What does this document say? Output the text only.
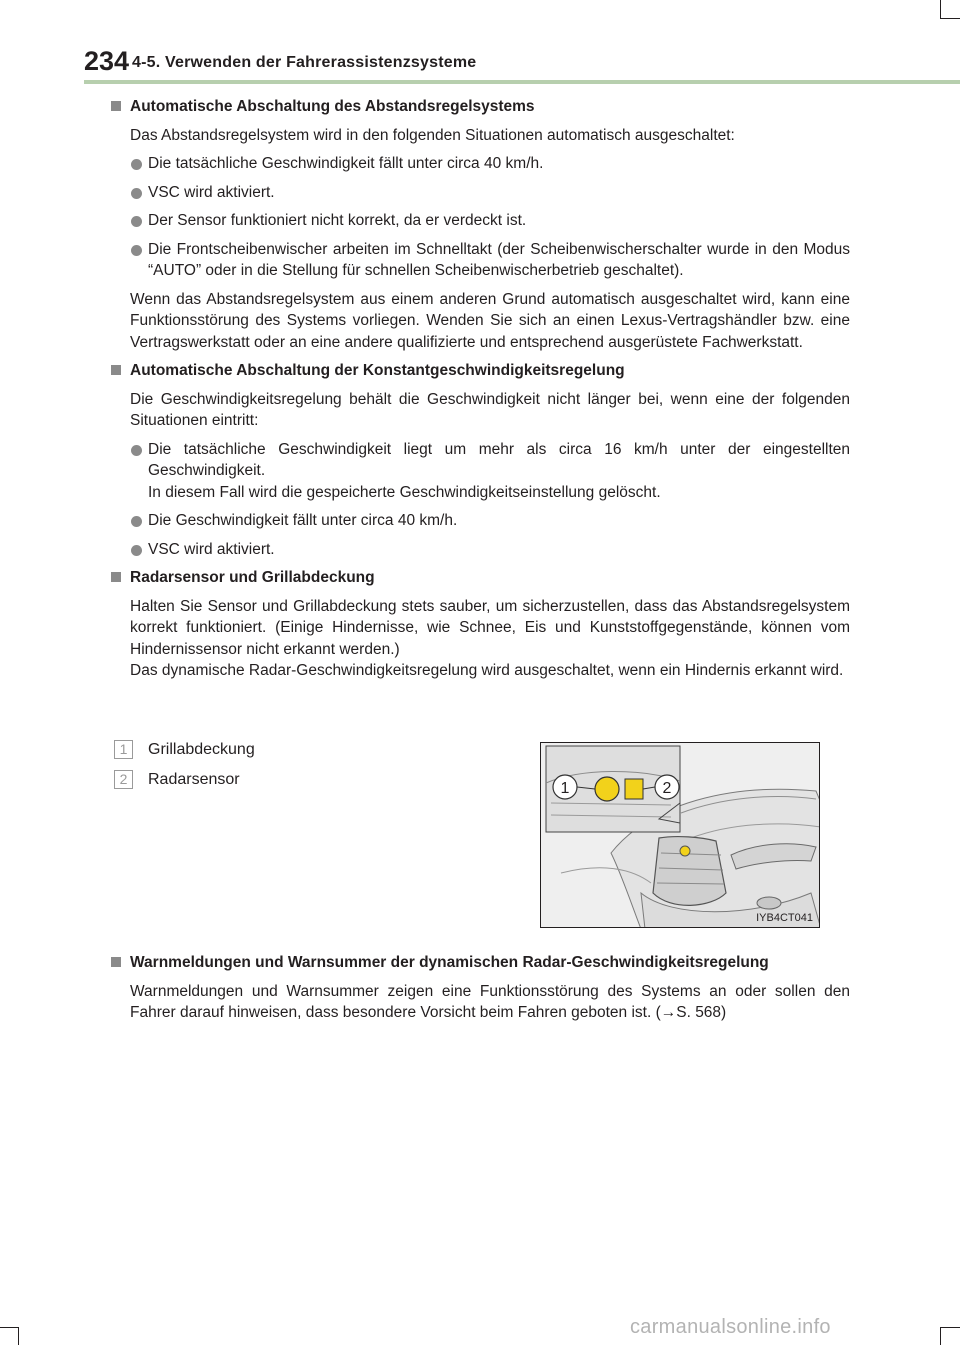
234 4-5. Verwenden der Fahrerassistenzsysteme
Automatische Abschaltung des Abstandsregelsystems
Das Abstandsregelsystem wird in den folgenden Situationen automatisch ausgeschaltet:
Die tatsächliche Geschwindigkeit fällt unter circa 40 km/h.
VSC wird aktiviert.
Der Sensor funktioniert nicht korrekt, da er verdeckt ist.
Die Frontscheibenwischer arbeiten im Schnelltakt (der Scheibenwischerschalter wurde in den Modus “AUTO” oder in die Stellung für schnellen Scheibenwischerbetrieb geschaltet).
Wenn das Abstandsregelsystem aus einem anderen Grund automatisch ausgeschaltet wird, kann eine Funktionsstörung des Systems vorliegen. Wenden Sie sich an einen Lexus-Vertragshändler bzw. eine Vertragswerkstatt oder an eine andere qualifizierte und entsprechend ausgerüstete Fachwerkstatt.
Automatische Abschaltung der Konstantgeschwindigkeitsregelung
Die Geschwindigkeitsregelung behält die Geschwindigkeit nicht länger bei, wenn eine der folgenden Situationen eintritt:
Die tatsächliche Geschwindigkeit liegt um mehr als circa 16 km/h unter der eingestellten Geschwindigkeit.
In diesem Fall wird die gespeicherte Geschwindigkeitseinstellung gelöscht.
Die Geschwindigkeit fällt unter circa 40 km/h.
VSC wird aktiviert.
Radarsensor und Grillabdeckung
Halten Sie Sensor und Grillabdeckung stets sauber, um sicherzustellen, dass das Abstandsregelsystem korrekt funktioniert. (Einige Hindernisse, wie Schnee, Eis und Kunststoffgegenstände, können vom Hindernissensor nicht erkannt werden.)
Das dynamische Radar-Geschwindigkeitsregelung wird ausgeschaltet, wenn ein Hindernis erkannt wird.
1	Grillabdeckung
2	Radarsensor
1	2
IYB4CT041
Warnmeldungen und Warnsummer der dynamischen Radar-Geschwindigkeitsregelung
Warnmeldungen und Warnsummer zeigen eine Funktionsstörung des Systems an oder sollen den Fahrer darauf hinweisen, dass besondere Vorsicht beim Fahren geboten ist. (→S. 568)
carmanualsonline.info
